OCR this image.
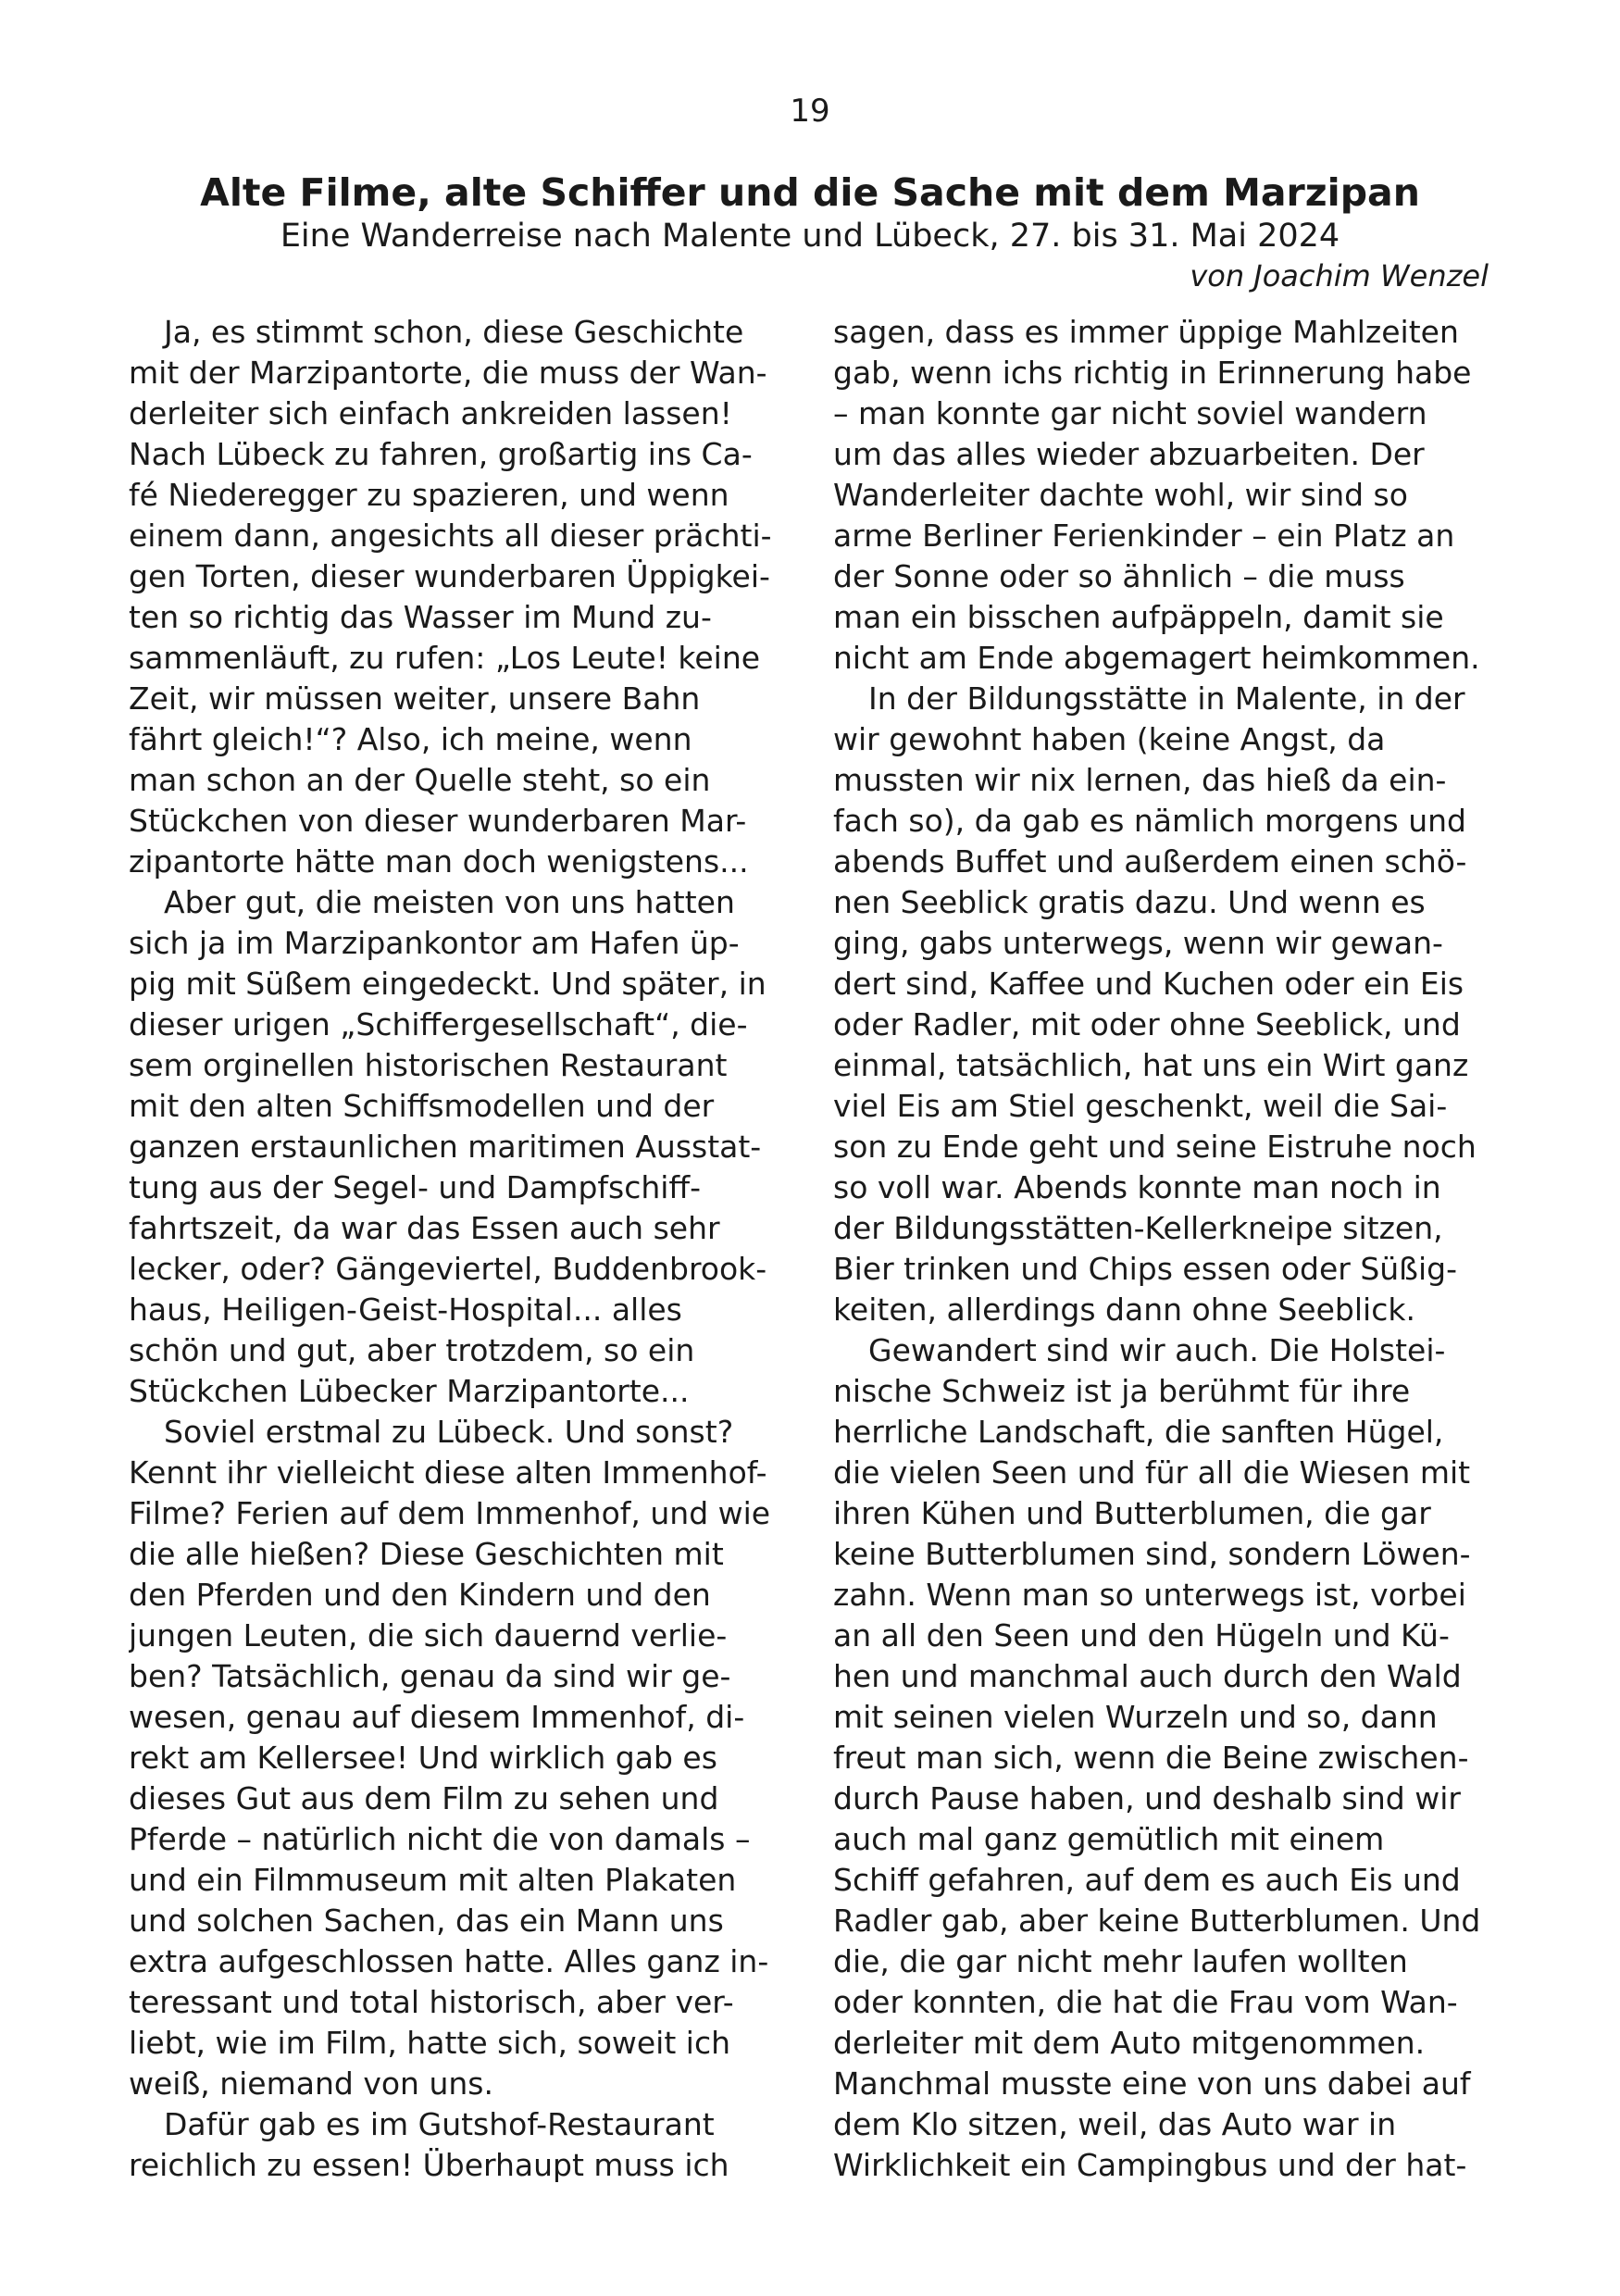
19
Alte Filme, alte Schiffer und die Sache mit dem Marzipan
Eine Wanderreise nach Malente und Lübeck, 27. bis 31. Mai 2024
von Joachim Wenzel
Ja, es stimmt schon, diese Geschichte
mit der Marzipantorte, die muss der Wan-
derleiter sich einfach ankreiden lassen!
Nach Lübeck zu fahren, großartig ins Ca-
fé Niederegger zu spazieren, und wenn
einem dann, angesichts all dieser prächti-
gen Torten, dieser wunderbaren Üppigkei-
ten so richtig das Wasser im Mund zu-
sammenläuft, zu rufen: „Los Leute! keine
Zeit, wir müssen weiter, unsere Bahn
fährt gleich!“? Also, ich meine, wenn
man schon an der Quelle steht, so ein
Stückchen von dieser wunderbaren Mar-
zipantorte hätte man doch wenigstens...
Aber gut, die meisten von uns hatten
sich ja im Marzipankontor am Hafen üp-
pig mit Süßem eingedeckt. Und später, in
dieser urigen „Schiffergesellschaft“, die-
sem orginellen historischen Restaurant
mit den alten Schiffsmodellen und der
ganzen erstaunlichen maritimen Ausstat-
tung aus der Segel- und Dampfschiff-
fahrtszeit, da war das Essen auch sehr
lecker, oder? Gängeviertel, Buddenbrook-
haus, Heiligen-Geist-Hospital... alles
schön und gut, aber trotzdem, so ein
Stückchen Lübecker Marzipantorte...
Soviel erstmal zu Lübeck. Und sonst?
Kennt ihr vielleicht diese alten Immenhof-
Filme? Ferien auf dem Immenhof, und wie
die alle hießen? Diese Geschichten mit
den Pferden und den Kindern und den
jungen Leuten, die sich dauernd verlie-
ben? Tatsächlich, genau da sind wir ge-
wesen, genau auf diesem Immenhof, di-
rekt am Kellersee! Und wirklich gab es
dieses Gut aus dem Film zu sehen und
Pferde – natürlich nicht die von damals –
und ein Filmmuseum mit alten Plakaten
und solchen Sachen, das ein Mann uns
extra aufgeschlossen hatte. Alles ganz in-
teressant und total historisch, aber ver-
liebt, wie im Film, hatte sich, soweit ich
weiß, niemand von uns.
Dafür gab es im Gutshof-Restaurant
reichlich zu essen! Überhaupt muss ich
sagen, dass es immer üppige Mahlzeiten
gab, wenn ichs richtig in Erinnerung habe
– man konnte gar nicht soviel wandern
um das alles wieder abzuarbeiten. Der
Wanderleiter dachte wohl, wir sind so
arme Berliner Ferienkinder – ein Platz an
der Sonne oder so ähnlich – die muss
man ein bisschen aufpäppeln, damit sie
nicht am Ende abgemagert heimkommen.
In der Bildungsstätte in Malente, in der
wir gewohnt haben (keine Angst, da
mussten wir nix lernen, das hieß da ein-
fach so), da gab es nämlich morgens und
abends Buffet und außerdem einen schö-
nen Seeblick gratis dazu. Und wenn es
ging, gabs unterwegs, wenn wir gewan-
dert sind, Kaffee und Kuchen oder ein Eis
oder Radler, mit oder ohne Seeblick, und
einmal, tatsächlich, hat uns ein Wirt ganz
viel Eis am Stiel geschenkt, weil die Sai-
son zu Ende geht und seine Eistruhe noch
so voll war. Abends konnte man noch in
der Bildungsstätten-Kellerkneipe sitzen,
Bier trinken und Chips essen oder Süßig-
keiten, allerdings dann ohne Seeblick.
Gewandert sind wir auch. Die Holstei-
nische Schweiz ist ja berühmt für ihre
herrliche Landschaft, die sanften Hügel,
die vielen Seen und für all die Wiesen mit
ihren Kühen und Butterblumen, die gar
keine Butterblumen sind, sondern Löwen-
zahn. Wenn man so unterwegs ist, vorbei
an all den Seen und den Hügeln und Kü-
hen und manchmal auch durch den Wald
mit seinen vielen Wurzeln und so, dann
freut man sich, wenn die Beine zwischen-
durch Pause haben, und deshalb sind wir
auch mal ganz gemütlich mit einem
Schiff gefahren, auf dem es auch Eis und
Radler gab, aber keine Butterblumen. Und
die, die gar nicht mehr laufen wollten
oder konnten, die hat die Frau vom Wan-
derleiter mit dem Auto mitgenommen.
Manchmal musste eine von uns dabei auf
dem Klo sitzen, weil, das Auto war in
Wirklichkeit ein Campingbus und der hat-
